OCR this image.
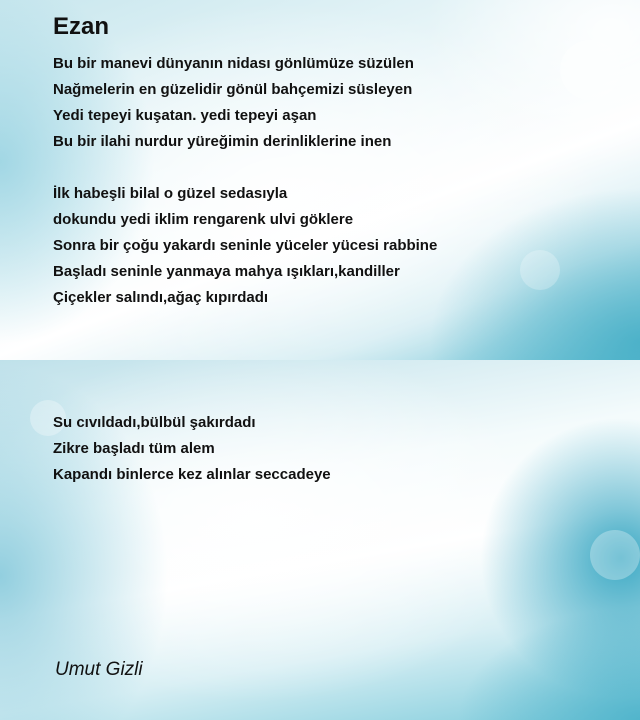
Ezan
Bu bir manevi dünyanın nidası gönlümüze süzülen
Nağmelerin en güzelidir gönül bahçemizi süsleyen
Yedi tepeyi kuşatan. yedi tepeyi aşan
Bu bir ilahi nurdur yüreğimin derinliklerine inen
İlk habeşli bilal o güzel sedasıyla
dokundu yedi iklim rengarenk ulvi göklere
Sonra bir çoğu yakardı seninle yüceler yücesi rabbine
Başladı seninle yanmaya mahya ışıkları,kandiller
Çiçekler salındı,ağaç kıpırdadı
Su cıvıldadı,bülbül şakırdadı
Zikre başladı tüm alem
Kapandı binlerce kez alınlar seccadeye
Umut Gizli
